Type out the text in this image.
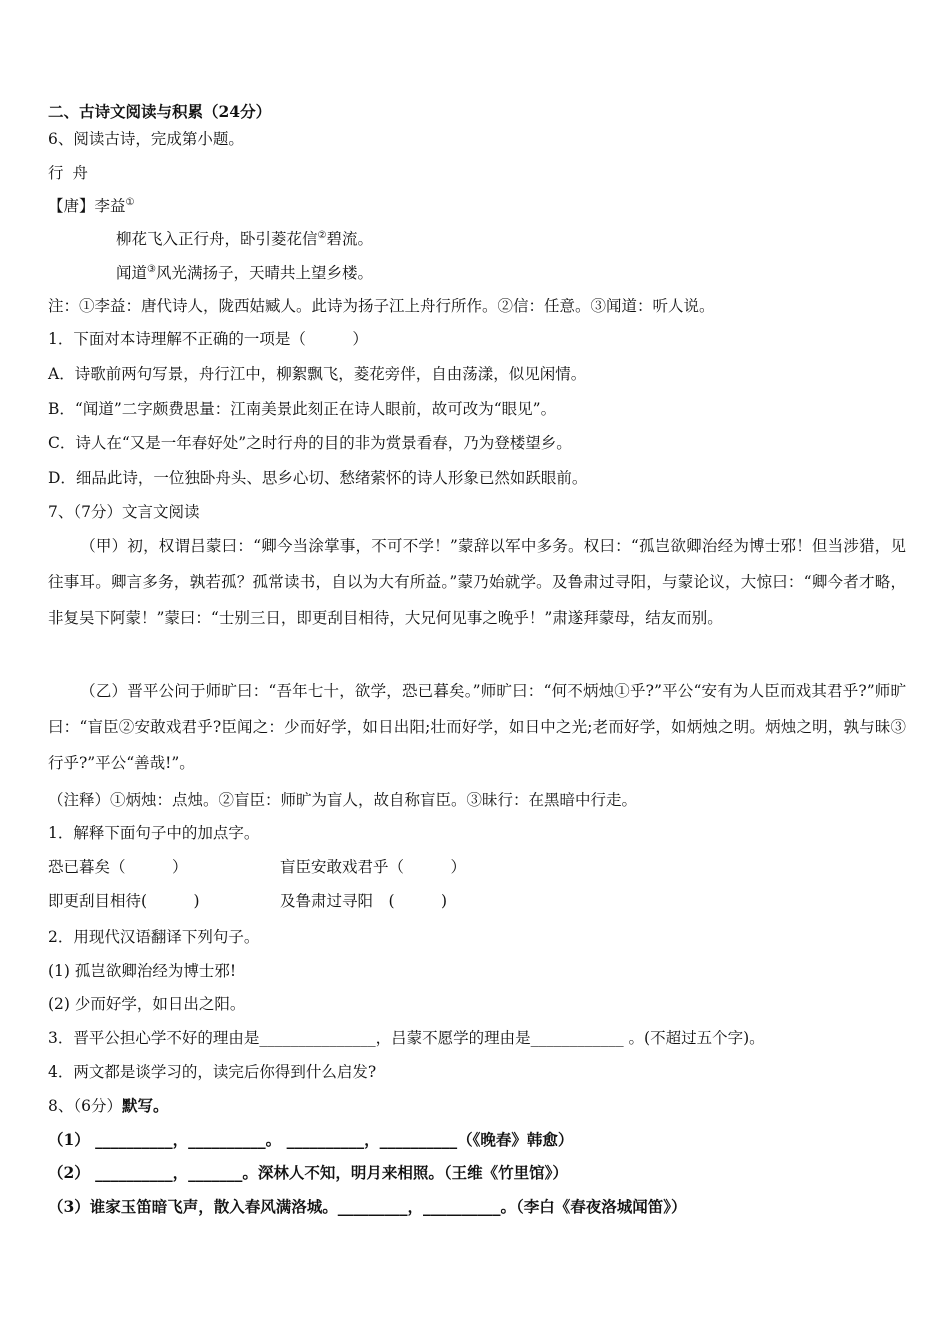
二、古诗文阅读与积累（24分）
6、阅读古诗，完成第小题。
行 舟
【唐】李益①
柳花飞入正行舟，卧引菱花信②碧流。
闻道③风光满扬子，天晴共上望乡楼。
注：①李益：唐代诗人，陇西姑臧人。此诗为扬子江上舟行所作。②信：任意。③闻道：听人说。
1．下面对本诗理解不正确的一项是（　　　）
A．诗歌前两句写景，舟行江中，柳絮飘飞，菱花旁伴，自由荡漾，似见闲情。
B．“闻道”二字颇费思量：江南美景此刻正在诗人眼前，故可改为“眼见”。
C．诗人在“又是一年春好处”之时行舟的目的非为赏景看春，乃为登楼望乡。
D．细品此诗，一位独卧舟头、思乡心切、愁绪萦怀的诗人形象已然如跃眼前。
7、（7分）文言文阅读
（甲）初，权谓吕蒙曰：“卿今当涂掌事，不可不学！”蒙辞以军中多务。权曰：“孤岂欲卿治经为博士邪！但当涉猎，见往事耳。卿言多务，孰若孤？孤常读书，自以为大有所益。”蒙乃始就学。及鲁肃过寻阳，与蒙论议，大惊曰：“卿今者才略，非复吴下阿蒙！”蒙曰：“士别三日，即更刮目相待，大兄何见事之晚乎！”肃遂拜蒙母，结友而别。
（乙）晋平公问于师旷曰：“吾年七十，欲学，恐已暮矣。”师旷曰：“何不炳烛①乎?”平公“安有为人臣而戏其君乎?”师旷曰：“盲臣②安敢戏君乎?臣闻之：少而好学，如日出阳;壮而好学，如日中之光;老而好学，如炳烛之明。炳烛之明，孰与昧③行乎?”平公“善哉!”。
（注释）①炳烛：点烛。②盲臣：师旷为盲人，故自称盲臣。③昧行：在黑暗中行走。
1．解释下面句子中的加点字。
恐已暮矣（　　　）	盲臣安敢戏君乎（　　　）
即更刮目相待(　　　)	及鲁肃过寻阳　(　　　)
2．用现代汉语翻译下列句子。
(1) 孤岂欲卿治经为博士邪!
(2) 少而好学，如日出之阳。
3．晋平公担心学不好的理由是_______________，吕蒙不愿学的理由是____________ 。(不超过五个字)。
4．两文都是谈学习的，读完后你得到什么启发?
8、（6分）默写。
（1） __________，__________。 __________，__________（《晚春》韩愈）
（2） __________，_______。深林人不知，明月来相照。（王维《竹里馆》）
（3）谁家玉笛暗飞声，散入春风满洛城。_________，__________。（李白《春夜洛城闻笛》）
